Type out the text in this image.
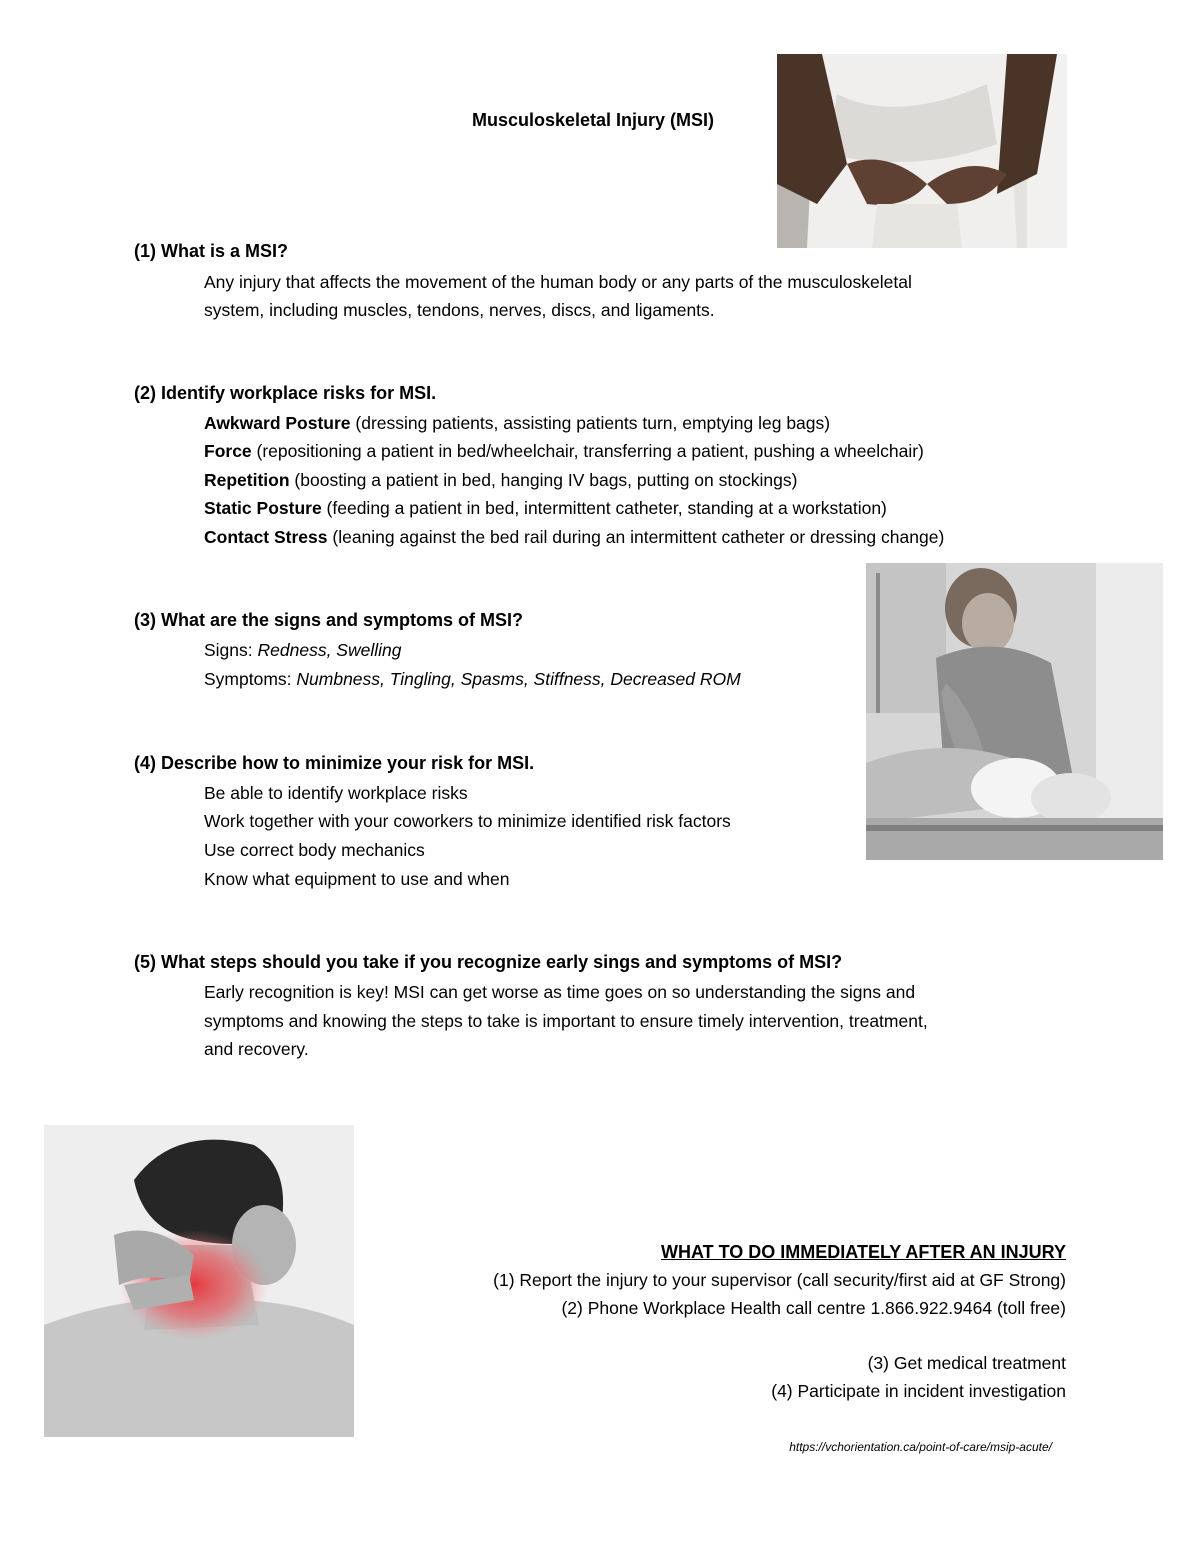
Musculoskeletal Injury (MSI)
(1) What is a MSI?
Any injury that affects the movement of the human body or any parts of the musculoskeletal
system, including muscles, tendons, nerves, discs, and ligaments.
(2) Identify workplace risks for MSI.
Awkward Posture (dressing patients, assisting patients turn, emptying leg bags)
Force (repositioning a patient in bed/wheelchair, transferring a patient, pushing a wheelchair)
Repetition (boosting a patient in bed, hanging IV bags, putting on stockings)
Static Posture (feeding a patient in bed, intermittent catheter, standing at a workstation)
Contact Stress (leaning against the bed rail during an intermittent catheter or dressing change)
(3) What are the signs and symptoms of MSI?
Signs: Redness, Swelling
Symptoms: Numbness, Tingling, Spasms, Stiffness, Decreased ROM
(4) Describe how to minimize your risk for MSI.
Be able to identify workplace risks
Work together with your coworkers to minimize identified risk factors
Use correct body mechanics
Know what equipment to use and when
(5) What steps should you take if you recognize early sings and symptoms of MSI?
Early recognition is key! MSI can get worse as time goes on so understanding the signs and
symptoms and knowing the steps to take is important to ensure timely intervention, treatment,
and recovery.
WHAT TO DO IMMEDIATELY AFTER AN INJURY
(1) Report the injury to your supervisor (call security/first aid at GF Strong)
(2) Phone Workplace Health call centre 1.866.922.9464 (toll free)
(3) Get medical treatment
(4) Participate in incident investigation
https://vchorientation.ca/point-of-care/msip-acute/
